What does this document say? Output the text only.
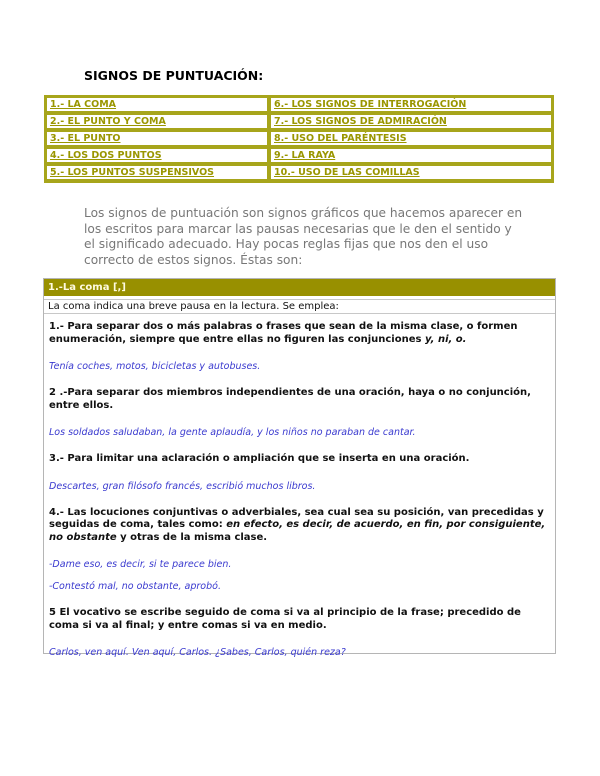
SIGNOS DE PUNTUACIÓN:
1.- LA COMA	6.- LOS SIGNOS DE INTERROGACIÓN
2.- EL PUNTO Y COMA	7.- LOS SIGNOS DE ADMIRACIÓN
3.- EL PUNTO	8.- USO DEL PARÉNTESIS
4.- LOS DOS PUNTOS	9.- LA RAYA
5.- LOS PUNTOS SUSPENSIVOS	10.- USO DE LAS COMILLAS
Los signos de puntuación son signos gráficos que hacemos aparecer en los escritos para marcar las pausas necesarias que le den el sentido y el significado adecuado. Hay pocas reglas fijas que nos den el uso correcto de estos signos. Éstas son:
1.-La coma [,]
La coma indica una breve pausa en la lectura. Se emplea:
1.- Para separar dos o más palabras o frases que sean de la misma clase, o formen enumeración, siempre que entre ellas no figuren las conjunciones y, ni, o.
Tenía coches, motos, bicicletas y autobuses.
2 .-Para separar dos miembros independientes de una oración, haya o no conjunción, entre ellos.
Los soldados saludaban, la gente aplaudía, y los niños no paraban de cantar.
3.- Para limitar una aclaración o ampliación que se inserta en una oración.
Descartes, gran filósofo francés, escribió muchos libros.
4.- Las locuciones conjuntivas o adverbiales, sea cual sea su posición, van precedidas y seguidas de coma, tales como: en efecto, es decir, de acuerdo, en fin, por consiguiente, no obstante y otras de la misma clase.
-Dame eso, es decir, si te parece bien.
-Contestó mal, no obstante, aprobó.
5 El vocativo se escribe seguido de coma si va al principio de la frase; precedido de coma si va al final; y entre comas si va en medio.
Carlos, ven aquí. Ven aquí, Carlos. ¿Sabes, Carlos, quién reza?
